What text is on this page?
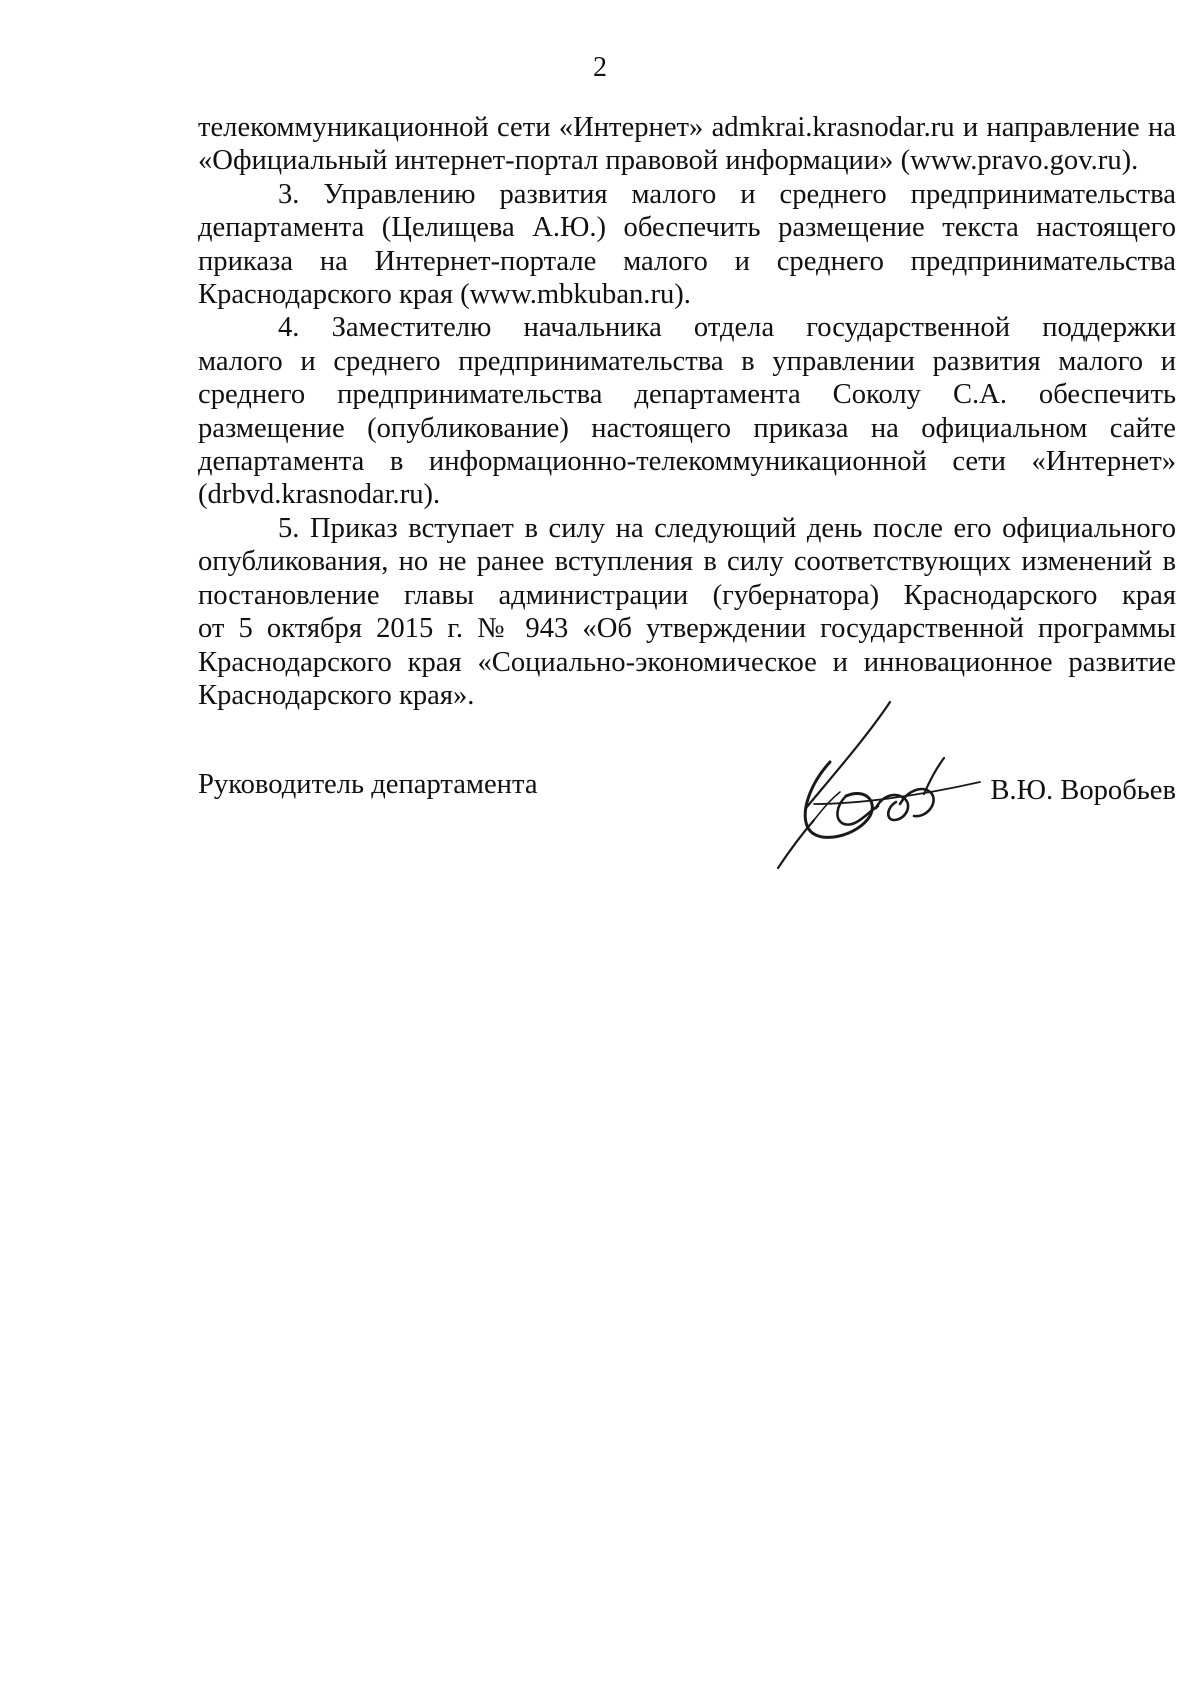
2
телекоммуникационной сети «Интернет» admkrai.krasnodar.ru и направление на
«Официальный интернет-портал правовой информации» (www.pravo.gov.ru).
3. Управлению развития малого и среднего предпринимательства
департамента (Целищева А.Ю.) обеспечить размещение текста настоящего
приказа на Интернет-портале малого и среднего предпринимательства
Краснодарского края (www.mbkuban.ru).
4. Заместителю начальника отдела государственной поддержки
малого и среднего предпринимательства в управлении развития малого и
среднего предпринимательства департамента Соколу С.А. обеспечить
размещение (опубликование) настоящего приказа на официальном сайте
департамента в информационно-телекоммуникационной сети «Интернет»
(drbvd.krasnodar.ru).
5. Приказ вступает в силу на следующий день после его официального
опубликования, но не ранее вступления в силу соответствующих изменений в
постановление главы администрации (губернатора) Краснодарского края
от 5 октября 2015 г. № 943 «Об утверждении государственной программы
Краснодарского края «Социально-экономическое и инновационное развитие
Краснодарского края».
Руководитель департамента	В.Ю. Воробьев
